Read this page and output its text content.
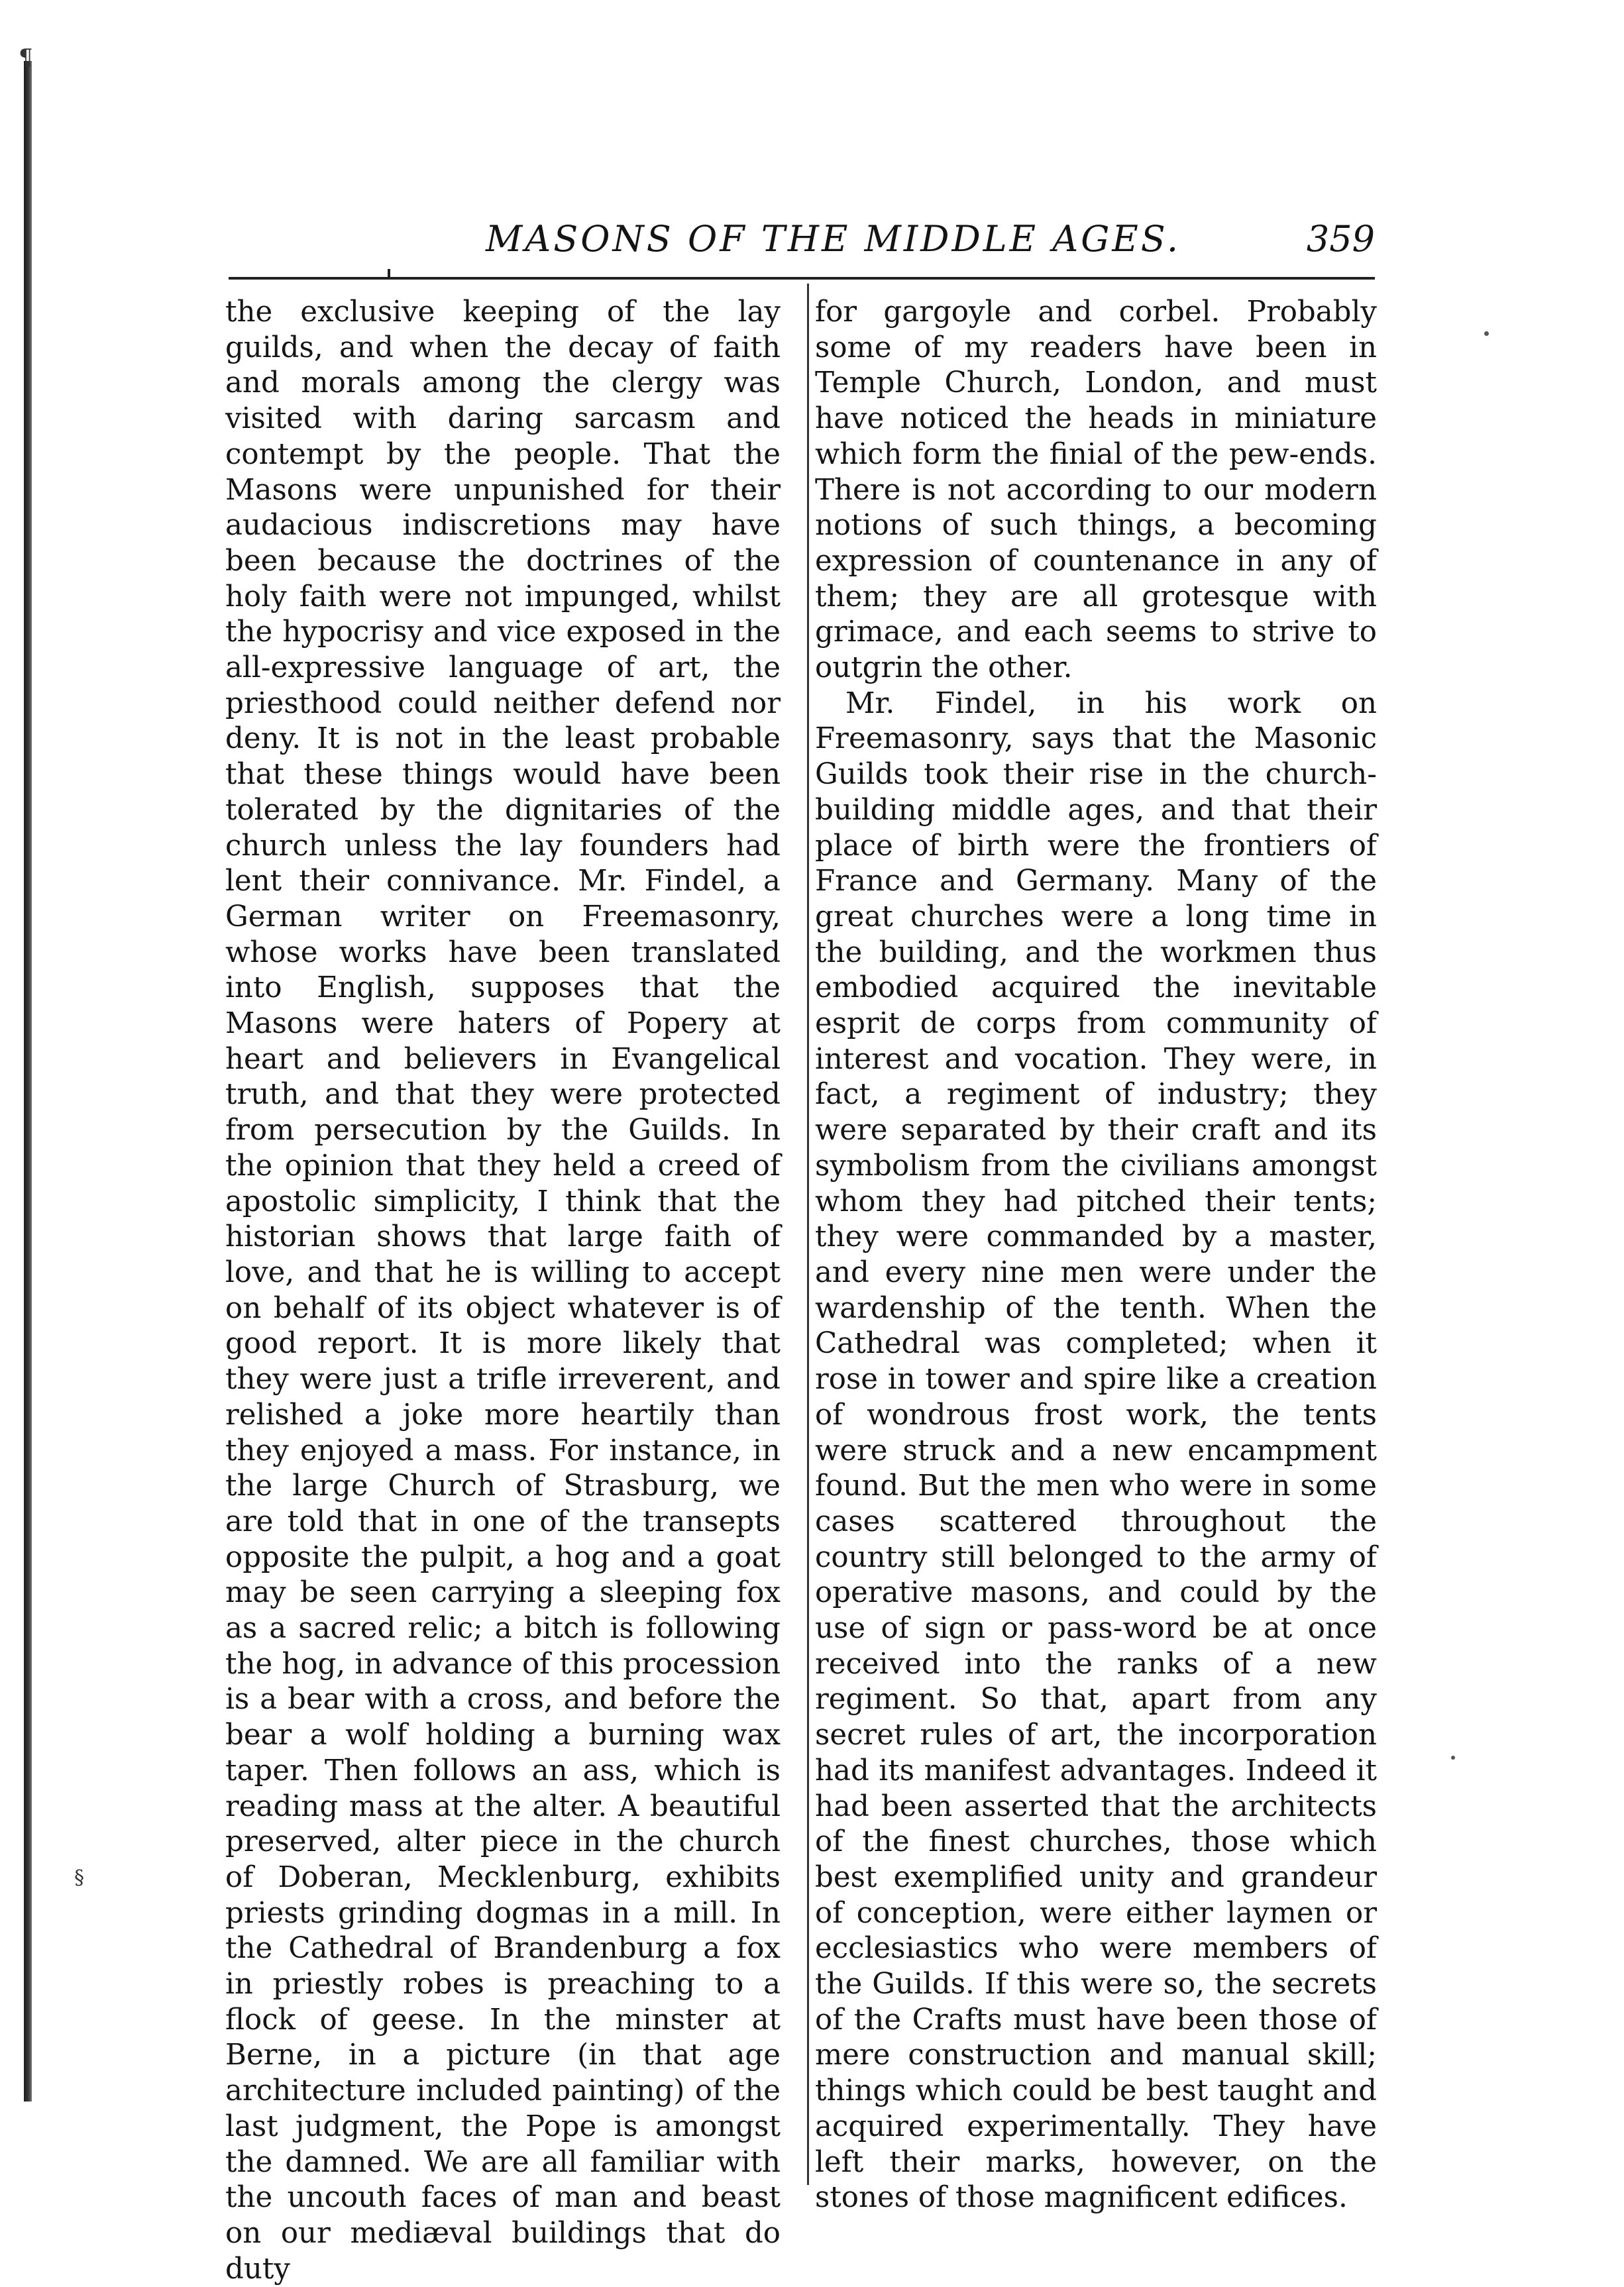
¶
§
MASONS OF THE MIDDLE AGES.	359

the exclusive keeping of the lay guilds, and when the decay of faith and morals among the clergy was visited with daring sarcasm and contempt by the people. That the Masons were unpunished for their audacious indiscretions may have been because the doctrines of the holy faith were not impunged, whilst the hypocrisy and vice exposed in the all-expressive language of art, the priesthood could neither defend nor deny. It is not in the least probable that these things would have been tolerated by the dignitaries of the church unless the lay founders had lent their connivance. Mr. Findel, a German writer on Freemasonry, whose works have been translated into English, supposes that the Masons were haters of Popery at heart and believers in Evangelical truth, and that they were protected from persecution by the Guilds. In the opinion that they held a creed of apostolic simplicity, I think that the historian shows that large faith of love, and that he is willing to accept on behalf of its object whatever is of good report. It is more likely that they were just a trifle irreverent, and relished a joke more heartily than they enjoyed a mass. For instance, in the large Church of Strasburg, we are told that in one of the transepts opposite the pulpit, a hog and a goat may be seen carrying a sleeping fox as a sacred relic; a bitch is following the hog, in advance of this procession is a bear with a cross, and before the bear a wolf holding a burning wax taper. Then follows an ass, which is reading mass at the alter. A beautiful preserved, alter piece in the church of Doberan, Mecklenburg, exhibits priests grinding dogmas in a mill. In the Cathedral of Brandenburg a fox in priestly robes is preaching to a flock of geese. In the minster at Berne, in a picture (in that age architecture included painting) of the last judgment, the Pope is amongst the damned. We are all familiar with the uncouth faces of man and beast on our mediæval buildings that do duty

for gargoyle and corbel. Probably some of my readers have been in Temple Church, London, and must have noticed the heads in miniature which form the finial of the pew-ends. There is not according to our modern notions of such things, a becoming expression of countenance in any of them; they are all grotesque with grimace, and each seems to strive to outgrin the other.

Mr. Findel, in his work on Freemasonry, says that the Masonic Guilds took their rise in the church-building middle ages, and that their place of birth were the frontiers of France and Germany. Many of the great churches were a long time in the building, and the workmen thus embodied acquired the inevitable esprit de corps from community of interest and vocation. They were, in fact, a regiment of industry; they were separated by their craft and its symbolism from the civilians amongst whom they had pitched their tents; they were commanded by a master, and every nine men were under the wardenship of the tenth. When the Cathedral was completed; when it rose in tower and spire like a creation of wondrous frost work, the tents were struck and a new encampment found. But the men who were in some cases scattered throughout the country still belonged to the army of operative masons, and could by the use of sign or pass-word be at once received into the ranks of a new regiment. So that, apart from any secret rules of art, the incorporation had its manifest advantages. Indeed it had been asserted that the architects of the finest churches, those which best exemplified unity and grandeur of conception, were either laymen or ecclesiastics who were members of the Guilds. If this were so, the secrets of the Crafts must have been those of mere construction and manual skill; things which could be best taught and acquired experimentally. They have left their marks, however, on the stones of those magnificent edifices.
